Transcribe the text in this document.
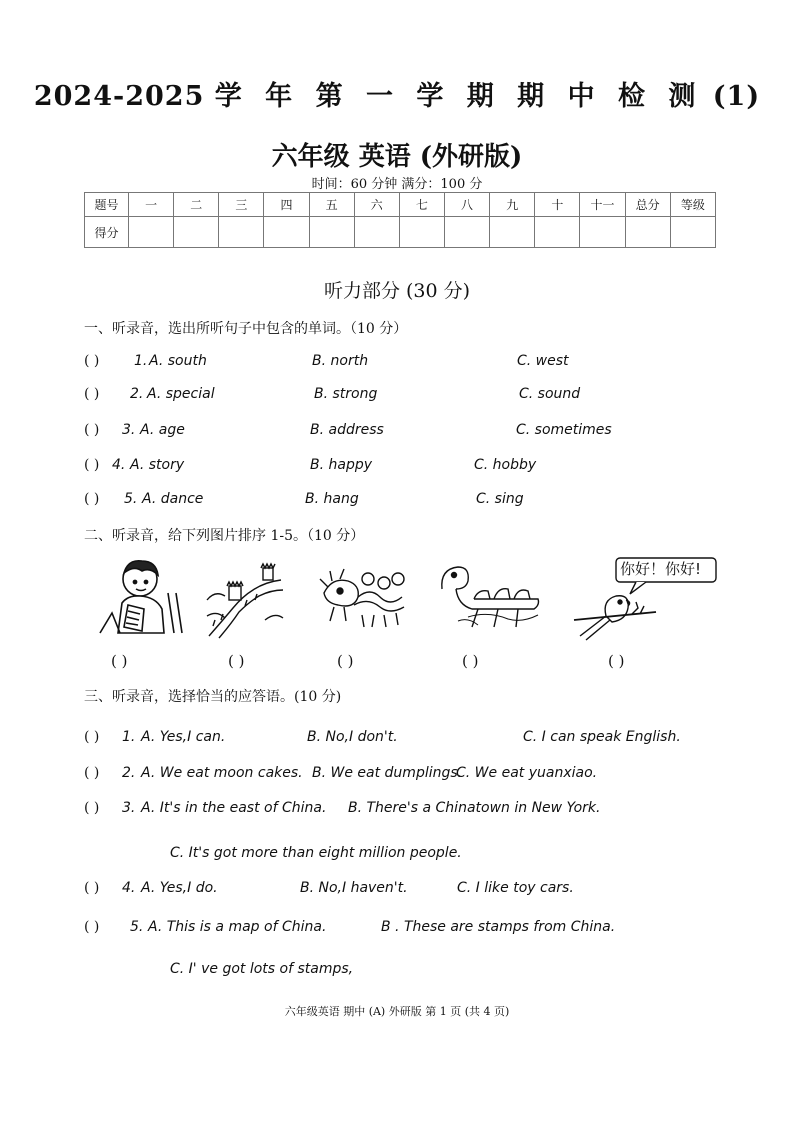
2024-2025 学 年 第 一 学 期 期 中 检 测 (1)
六年级 英语 (外研版)
时间：60 分钟 满分：100 分
题号	一	二	三	四	五	六	七	八	九	十	十一	总分	等级
得分													
听力部分 (30 分)
一、听录音，选出所听句子中包含的单词。（10 分）
( ) 1. A. south	B. north	C. west
( ) 2. A. special	B. strong	C. sound
( ) 3. A. age	B. address	C. sometimes
( ) 4. A. story	B. happy	C. hobby
( ) 5. A. dance	B. hang	C. sing
二、听录音，给下列图片排序 1-5。（10 分）
你好！你好!
( )	( )	( )	( )	( )
三、听录音，选择恰当的应答语。(10 分)
( ) 1. A. Yes,I can.	B. No,I don't.	C. I can speak English.
( ) 2. A. We eat moon cakes. B. We eat dumplings.
C. We eat yuanxiao.
( ) 3. A. It's in the east of China. B. There's a Chinatown in New York.
C. It's got more than eight million people.
( ) 4. A. Yes,I do.	B. No,I haven't.	C. I like toy cars.
( ) 5. A. This is a map of China.	B . These are stamps from China.
C. I' ve got lots of stamps,
六年级英语 期中 (A) 外研版 第 1 页 (共 4 页)
